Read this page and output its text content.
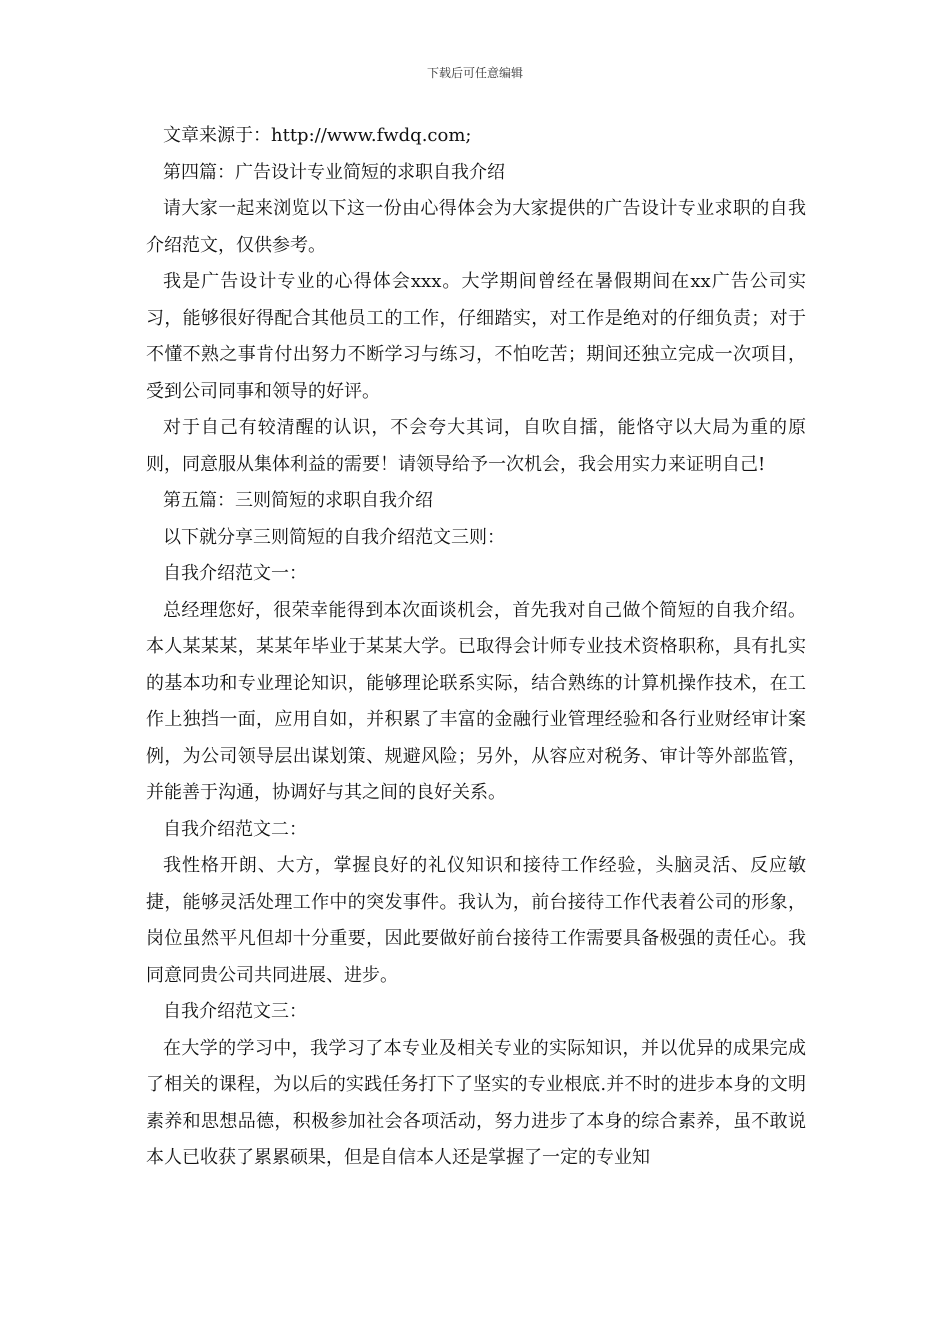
下载后可任意编辑

文章来源于：http://www.fwdq.com;

第四篇：广告设计专业简短的求职自我介绍

请大家一起来浏览以下这一份由心得体会为大家提供的广告设计专业求职的自我介绍范文，仅供参考。

我是广告设计专业的心得体会xxx。大学期间曾经在暑假期间在xx广告公司实习，能够很好得配合其他员工的工作，仔细踏实，对工作是绝对的仔细负责；对于不懂不熟之事肯付出努力不断学习与练习，不怕吃苦；期间还独立完成一次项目，受到公司同事和领导的好评。

对于自己有较清醒的认识，不会夸大其词，自吹自擂，能恪守以大局为重的原则，同意服从集体利益的需要！请领导给予一次机会，我会用实力来证明自己!

第五篇：三则简短的求职自我介绍

以下就分享三则简短的自我介绍范文三则：

自我介绍范文一：

总经理您好，很荣幸能得到本次面谈机会，首先我对自己做个简短的自我介绍。本人某某某，某某年毕业于某某大学。已取得会计师专业技术资格职称，具有扎实的基本功和专业理论知识，能够理论联系实际，结合熟练的计算机操作技术，在工作上独挡一面，应用自如，并积累了丰富的金融行业管理经验和各行业财经审计案例，为公司领导层出谋划策、规避风险；另外，从容应对税务、审计等外部监管，并能善于沟通，协调好与其之间的良好关系。

自我介绍范文二：

我性格开朗、大方，掌握良好的礼仪知识和接待工作经验，头脑灵活、反应敏捷，能够灵活处理工作中的突发事件。我认为，前台接待工作代表着公司的形象，岗位虽然平凡但却十分重要，因此要做好前台接待工作需要具备极强的责任心。我同意同贵公司共同进展、进步。

自我介绍范文三：

在大学的学习中，我学习了本专业及相关专业的实际知识，并以优异的成果完成了相关的课程，为以后的实践任务打下了坚实的专业根底.并不时的进步本身的文明素养和思想品德，积极参加社会各项活动，努力进步了本身的综合素养，虽不敢说本人已收获了累累硕果，但是自信本人还是掌握了一定的专业知
